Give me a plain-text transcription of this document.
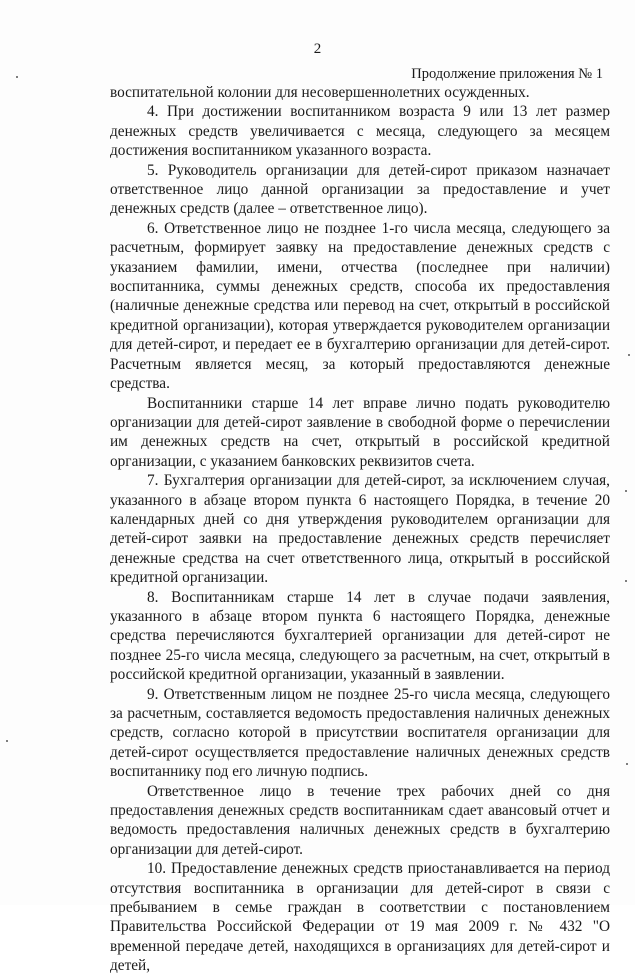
2
Продолжение приложения № 1

воспитательной колонии для несовершеннолетних осужденных.

4. При достижении воспитанником возраста 9 или 13 лет размер денежных средств увеличивается с месяца, следующего за месяцем достижения воспитанником указанного возраста.

5. Руководитель организации для детей-сирот приказом назначает ответственное лицо данной организации за предоставление и учет денежных средств (далее – ответственное лицо).

6. Ответственное лицо не позднее 1-го числа месяца, следующего за расчетным, формирует заявку на предоставление денежных средств с указанием фамилии, имени, отчества (последнее при наличии) воспитанника, суммы денежных средств, способа их предоставления (наличные денежные средства или перевод на счет, открытый в российской кредитной организации), которая утверждается руководителем организации для детей-сирот, и передает ее в бухгалтерию организации для детей-сирот. Расчетным является месяц, за который предоставляются денежные средства.

Воспитанники старше 14 лет вправе лично подать руководителю организации для детей-сирот заявление в свободной форме о перечислении им денежных средств на счет, открытый в российской кредитной организации, с указанием банковских реквизитов счета.

7. Бухгалтерия организации для детей-сирот, за исключением случая, указанного в абзаце втором пункта 6 настоящего Порядка, в течение 20 календарных дней со дня утверждения руководителем организации для детей-сирот заявки на предоставление денежных средств перечисляет денежные средства на счет ответственного лица, открытый в российской кредитной организации.

8. Воспитанникам старше 14 лет в случае подачи заявления, указанного в абзаце втором пункта 6 настоящего Порядка, денежные средства перечисляются бухгалтерией организации для детей-сирот не позднее 25-го числа месяца, следующего за расчетным, на счет, открытый в российской кредитной организации, указанный в заявлении.

9. Ответственным лицом не позднее 25-го числа месяца, следующего за расчетным, составляется ведомость предоставления наличных денежных средств, согласно которой в присутствии воспитателя организации для детей-сирот осуществляется предоставление наличных денежных средств воспитаннику под его личную подпись.

Ответственное лицо в течение трех рабочих дней со дня предоставления денежных средств воспитанникам сдает авансовый отчет и ведомость предоставления наличных денежных средств в бухгалтерию организации для детей-сирот.

10. Предоставление денежных средств приостанавливается на период отсутствия воспитанника в организации для детей-сирот в связи с пребыванием в семье граждан в соответствии с постановлением Правительства Российской Федерации от 19 мая 2009 г. № 432 "О временной передаче детей, находящихся в организациях для детей-сирот и детей,
